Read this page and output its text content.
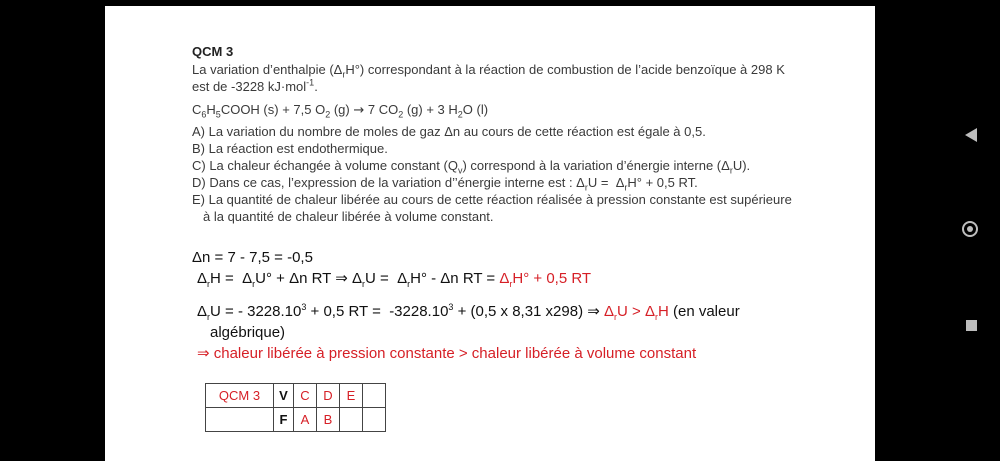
QCM 3

La variation d’enthalpie $(\Delta_rH^\circ)$ correspondant à la réaction de combustion de l’acide benzoïque à 298 K

est de -3228 kJ·mol$^{-1}$.

$C_6H_5COOH$ (s) + 7,5 $O_2$ (g) → 7 $CO_2$ (g) + 3 $H_2O$ (l)

A) La variation du nombre de moles de gaz Δn au cours de cette réaction est égale à 0,5.

B) La réaction est endothermique.

C) La chaleur échangée à volume constant $(Q_v)$ correspond à la variation d’énergie interne $(\Delta_rU)$.

D) Dans ce cas, l’expression de la variation d’’énergie interne est : $\Delta_rU = \Delta_rH^\circ + 0,5$ RT.

E) La quantité de chaleur libérée au cours de cette réaction réalisée à pression constante est supérieure

à la quantité de chaleur libérée à volume constant.

Δn = 7 - 7,5 = -0,5

$\Delta_rH = \Delta_rU^\circ + \Delta n$ RT ⇒ $\Delta_rU = \Delta_rH^\circ - \Delta n$ RT = $\Delta_rH^\circ + 0,5$ RT

$\Delta_rU$ = - $3228.10^3 + 0,5$ RT =  $-3228.10^3 + (0,5$ x 8,31 x298) ⇒ $\Delta_rU > \Delta_rH$ (en valeur

algébrique)

⇒ chaleur libérée à pression constante > chaleur libérée à volume constant

QCM 3	V	C	D	E	
	F	A	B		
